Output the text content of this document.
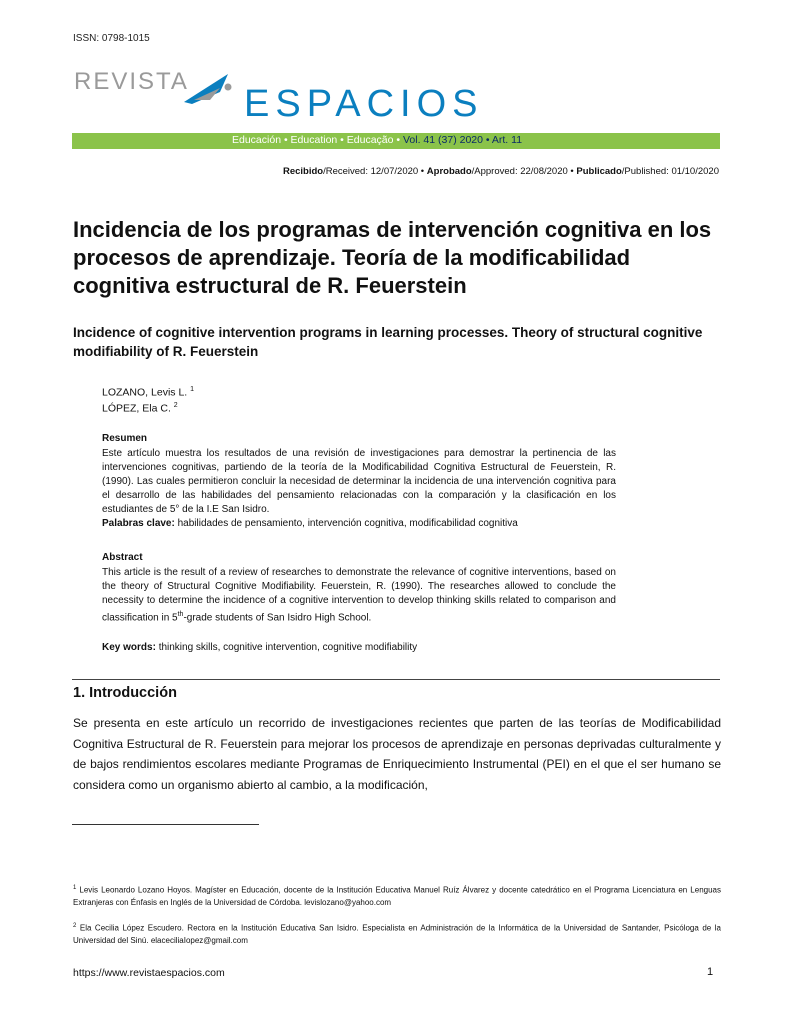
ISSN: 0798-1015
REVISTA
ESPACIOS
Educación • Education • Educação • Vol. 41 (37) 2020 • Art. 11
Recibido/Received: 12/07/2020 • Aprobado/Approved: 22/08/2020 • Publicado/Published: 01/10/2020
Incidencia de los programas de intervención cognitiva en los procesos de aprendizaje. Teoría de la modificabilidad cognitiva estructural de R. Feuerstein
Incidence of cognitive intervention programs in learning processes. Theory of structural cognitive modifiability of R. Feuerstein
LOZANO, Levis L. $^1$
LÓPEZ, Ela C. $^2$
Resumen
Este artículo muestra los resultados de una revisión de investigaciones para demostrar la pertinencia de las intervenciones cognitivas, partiendo de la teoría de la Modificabilidad Cognitiva Estructural de Feuerstein, R. (1990). Las cuales permitieron concluir la necesidad de determinar la incidencia de una intervención cognitiva para el desarrollo de las habilidades del pensamiento relacionadas con la comparación y la clasificación en los estudiantes de 5° de la I.E San Isidro.
Palabras clave: habilidades de pensamiento, intervención cognitiva, modificabilidad cognitiva
Abstract
This article is the result of a review of researches to demonstrate the relevance of cognitive interventions, based on the theory of Structural Cognitive Modifiability. Feuerstein, R. (1990). The researches allowed to conclude the necessity to determine the incidence of a cognitive intervention to develop thinking skills related to comparison and classification in 5th-grade students of San Isidro High School.
Key words: thinking skills, cognitive intervention, cognitive modifiability
1. Introducción
Se presenta en este artículo un recorrido de investigaciones recientes que parten de las teorías de Modificabilidad Cognitiva Estructural de R. Feuerstein para mejorar los procesos de aprendizaje en personas deprivadas culturalmente y de bajos rendimientos escolares mediante Programas de Enriquecimiento Instrumental (PEI) en el que el ser humano se considera como un organismo abierto al cambio, a la modificación,
$^1$ Levis Leonardo Lozano Hoyos. Magíster en Educación, docente de la Institución Educativa Manuel Ruíz Álvarez y docente catedrático en el Programa Licenciatura en Lenguas Extranjeras con Énfasis en Inglés de la Universidad de Córdoba. levislozano@yahoo.com
$^2$ Ela Cecilia López Escudero. Rectora en la Institución Educativa San Isidro. Especialista en Administración de la Informática de la Universidad de Santander, Psicóloga de la Universidad del Sinú. elaceciliaIopez@gmail.com
https://www.revistaespacios.com	1
